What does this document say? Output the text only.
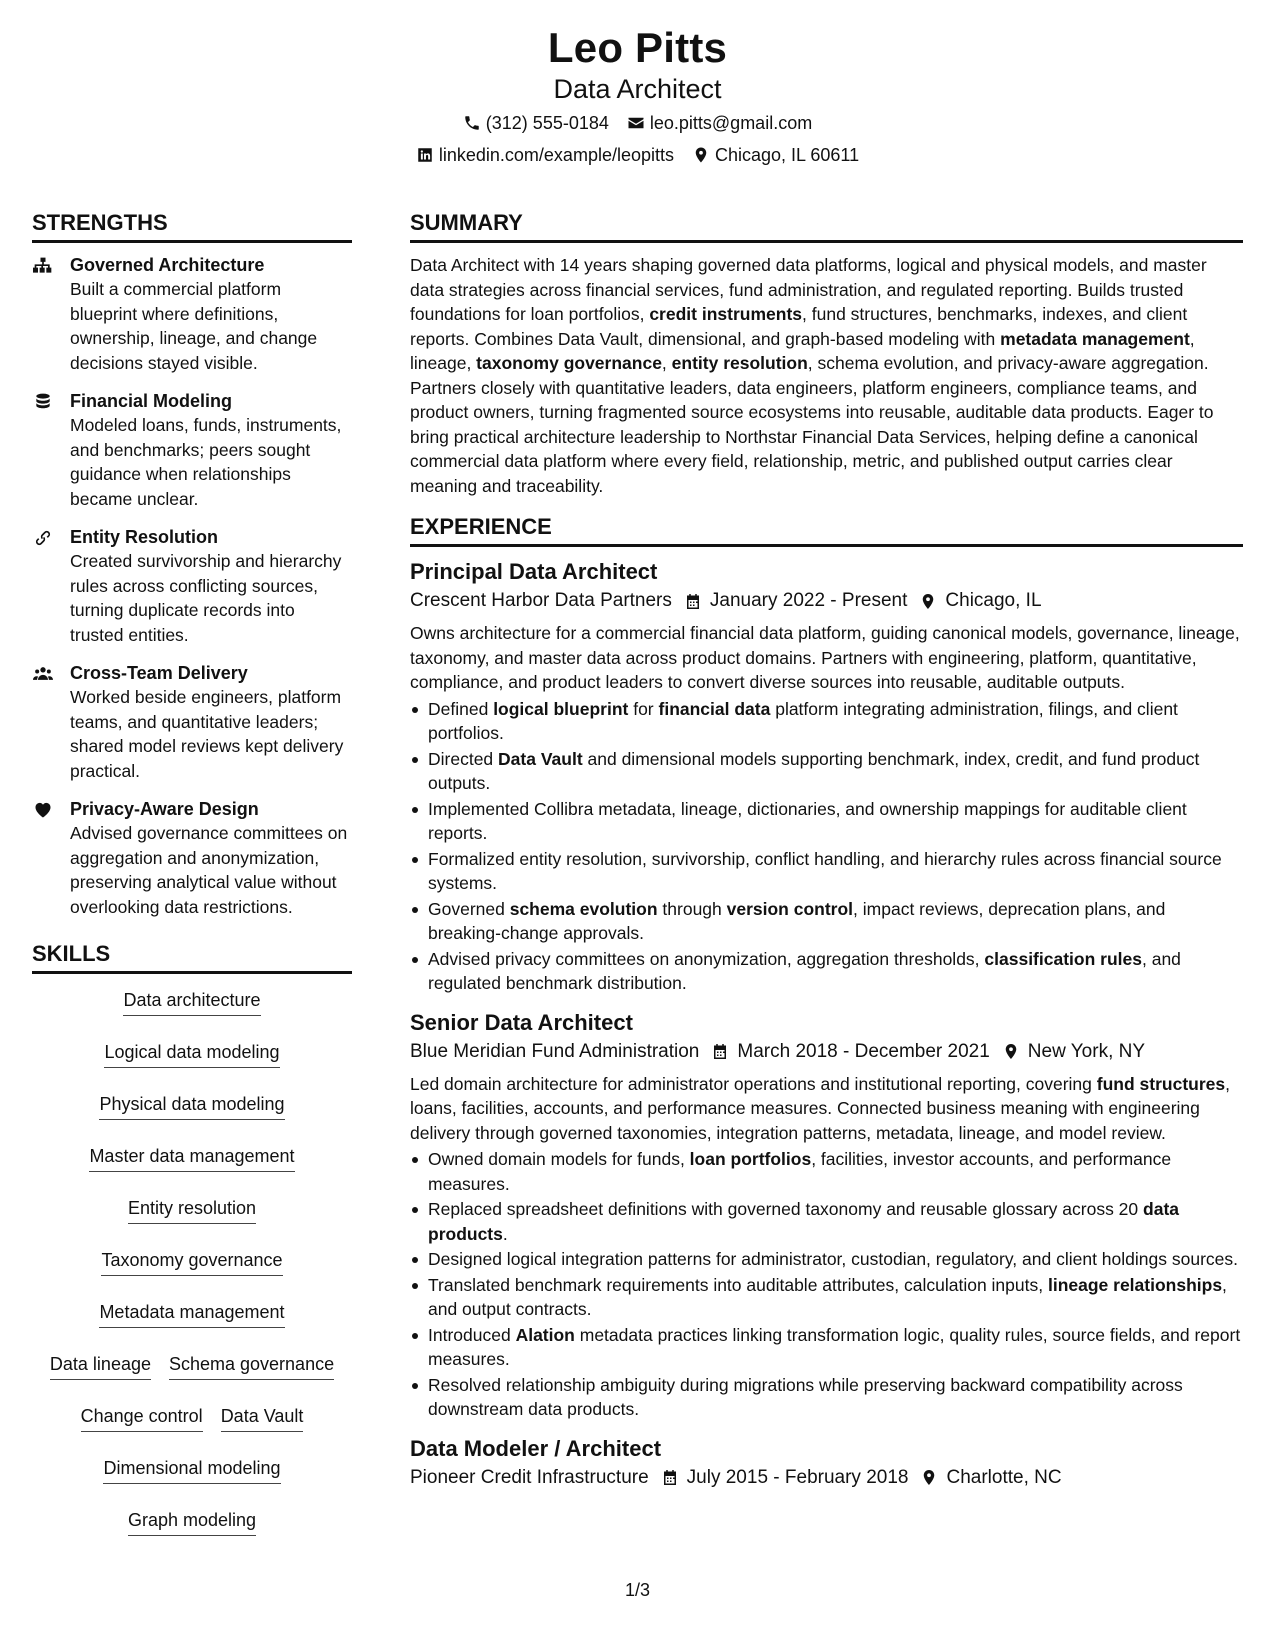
Leo Pitts
Data Architect
(312) 555-0184 leo.pitts@gmail.com
linkedin.com/example/leopitts Chicago, IL 60611
STRENGTHS
Governed Architecture
Built a commercial platform blueprint where definitions, ownership, lineage, and change decisions stayed visible.
Financial Modeling
Modeled loans, funds, instruments, and benchmarks; peers sought guidance when relationships became unclear.
Entity Resolution
Created survivorship and hierarchy rules across conflicting sources, turning duplicate records into trusted entities.
Cross-Team Delivery
Worked beside engineers, platform teams, and quantitative leaders; shared model reviews kept delivery practical.
Privacy-Aware Design
Advised governance committees on aggregation and anonymization, preserving analytical value without overlooking data restrictions.
SKILLS
Data architecture
Logical data modeling
Physical data modeling
Master data management
Entity resolution
Taxonomy governance
Metadata management
Data lineage Schema governance
Change control Data Vault
Dimensional modeling
Graph modeling
SUMMARY
Data Architect with 14 years shaping governed data platforms, logical and physical models, and master data strategies across financial services, fund administration, and regulated reporting. Builds trusted foundations for loan portfolios, credit instruments, fund structures, benchmarks, indexes, and client reports. Combines Data Vault, dimensional, and graph-based modeling with metadata management, lineage, taxonomy governance, entity resolution, schema evolution, and privacy-aware aggregation. Partners closely with quantitative leaders, data engineers, platform engineers, compliance teams, and product owners, turning fragmented source ecosystems into reusable, auditable data products. Eager to bring practical architecture leadership to Northstar Financial Data Services, helping define a canonical commercial data platform where every field, relationship, metric, and published output carries clear meaning and traceability.
EXPERIENCE
Principal Data Architect
Crescent Harbor Data Partners January 2022 - Present Chicago, IL
Owns architecture for a commercial financial data platform, guiding canonical models, governance, lineage, taxonomy, and master data across product domains. Partners with engineering, platform, quantitative, compliance, and product leaders to convert diverse sources into reusable, auditable outputs.
Defined logical blueprint for financial data platform integrating administration, filings, and client portfolios.
Directed Data Vault and dimensional models supporting benchmark, index, credit, and fund product outputs.
Implemented Collibra metadata, lineage, dictionaries, and ownership mappings for auditable client reports.
Formalized entity resolution, survivorship, conflict handling, and hierarchy rules across financial source systems.
Governed schema evolution through version control, impact reviews, deprecation plans, and breaking-change approvals.
Advised privacy committees on anonymization, aggregation thresholds, classification rules, and regulated benchmark distribution.
Senior Data Architect
Blue Meridian Fund Administration March 2018 - December 2021 New York, NY
Led domain architecture for administrator operations and institutional reporting, covering fund structures, loans, facilities, accounts, and performance measures. Connected business meaning with engineering delivery through governed taxonomies, integration patterns, metadata, lineage, and model review.
Owned domain models for funds, loan portfolios, facilities, investor accounts, and performance measures.
Replaced spreadsheet definitions with governed taxonomy and reusable glossary across 20 data products.
Designed logical integration patterns for administrator, custodian, regulatory, and client holdings sources.
Translated benchmark requirements into auditable attributes, calculation inputs, lineage relationships, and output contracts.
Introduced Alation metadata practices linking transformation logic, quality rules, source fields, and report measures.
Resolved relationship ambiguity during migrations while preserving backward compatibility across downstream data products.
Data Modeler / Architect
Pioneer Credit Infrastructure July 2015 - February 2018 Charlotte, NC
1/3
